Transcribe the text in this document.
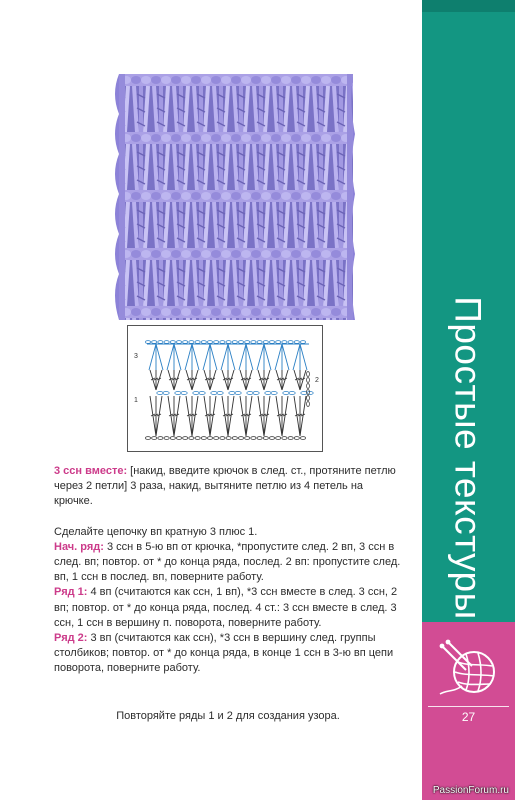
Простые текстуры
27
PassionForum.ru
3
2
1

3 ссн вместе: [накид, введите крючок в след. ст., протяните петлю через 2 петли] 3 раза, накид, вытяните петлю из 4 петель на крючке.

Сделайте цепочку вп кратную 3 плюс 1.

Нач. ряд: 3 ссн в 5-ю вп от крючка, *пропустите след. 2 вп, 3 ссн в след. вп; повтор. от * до конца ряда, послед. 2 вп: пропустите след. вп, 1 ссн в послед. вп, поверните работу.

Ряд 1: 4 вп (считаются как ссн, 1 вп), *3 ссн вместе в след. 3 ссн, 2 вп; повтор. от * до конца ряда, послед. 4 ст.: 3 ссн вместе в след. 3 ссн, 1 ссн в вершину п. поворота, поверните работу.

Ряд 2: 3 вп (считаются как ссн), *3 ссн в вершину след. группы столбиков; повтор. от * до конца ряда, в конце 1 ссн в 3-ю вп цепи поворота, поверните работу.

Повторяйте ряды 1 и 2 для создания узора.
